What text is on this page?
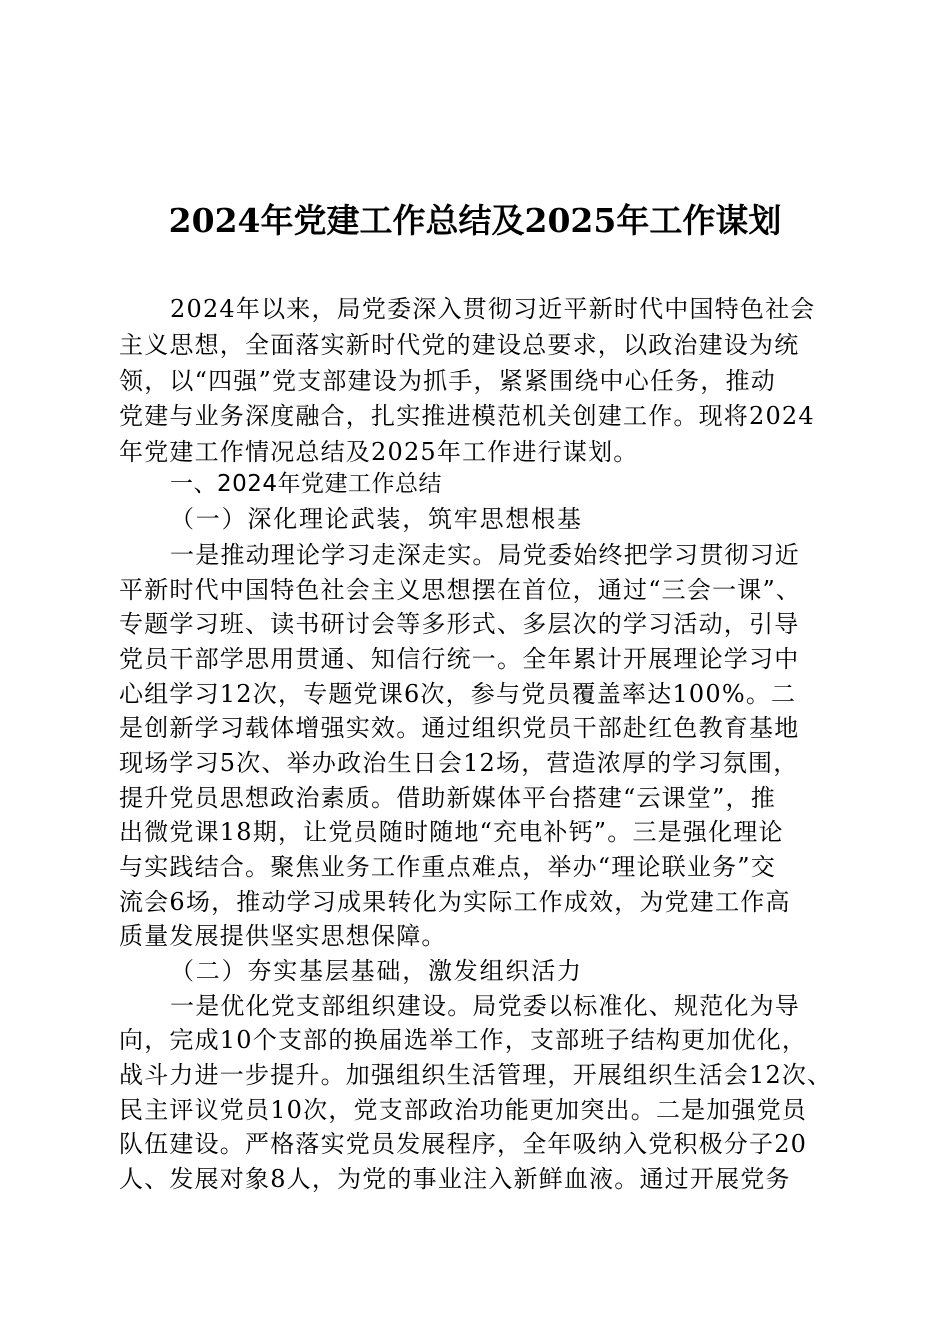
2024年党建工作总结及2025年工作谋划
2024年以来，局党委深入贯彻习近平新时代中国特色社会
主义思想，全面落实新时代党的建设总要求，以政治建设为统
领，以“四强”党支部建设为抓手，紧紧围绕中心任务，推动
党建与业务深度融合，扎实推进模范机关创建工作。现将2024
年党建工作情况总结及2025年工作进行谋划。
一、2024年党建工作总结
（一）深化理论武装，筑牢思想根基
一是推动理论学习走深走实。局党委始终把学习贯彻习近
平新时代中国特色社会主义思想摆在首位，通过“三会一课”、
专题学习班、读书研讨会等多形式、多层次的学习活动，引导
党员干部学思用贯通、知信行统一。全年累计开展理论学习中
心组学习12次，专题党课6次，参与党员覆盖率达100%。二
是创新学习载体增强实效。通过组织党员干部赴红色教育基地
现场学习5次、举办政治生日会12场，营造浓厚的学习氛围，
提升党员思想政治素质。借助新媒体平台搭建“云课堂”，推
出微党课18期，让党员随时随地“充电补钙”。三是强化理论
与实践结合。聚焦业务工作重点难点，举办“理论联业务”交
流会6场，推动学习成果转化为实际工作成效，为党建工作高
质量发展提供坚实思想保障。
（二）夯实基层基础，激发组织活力
一是优化党支部组织建设。局党委以标准化、规范化为导
向，完成10个支部的换届选举工作，支部班子结构更加优化，
战斗力进一步提升。加强组织生活管理，开展组织生活会12次、
民主评议党员10次，党支部政治功能更加突出。二是加强党员
队伍建设。严格落实党员发展程序，全年吸纳入党积极分子20
人、发展对象8人，为党的事业注入新鲜血液。通过开展党务
